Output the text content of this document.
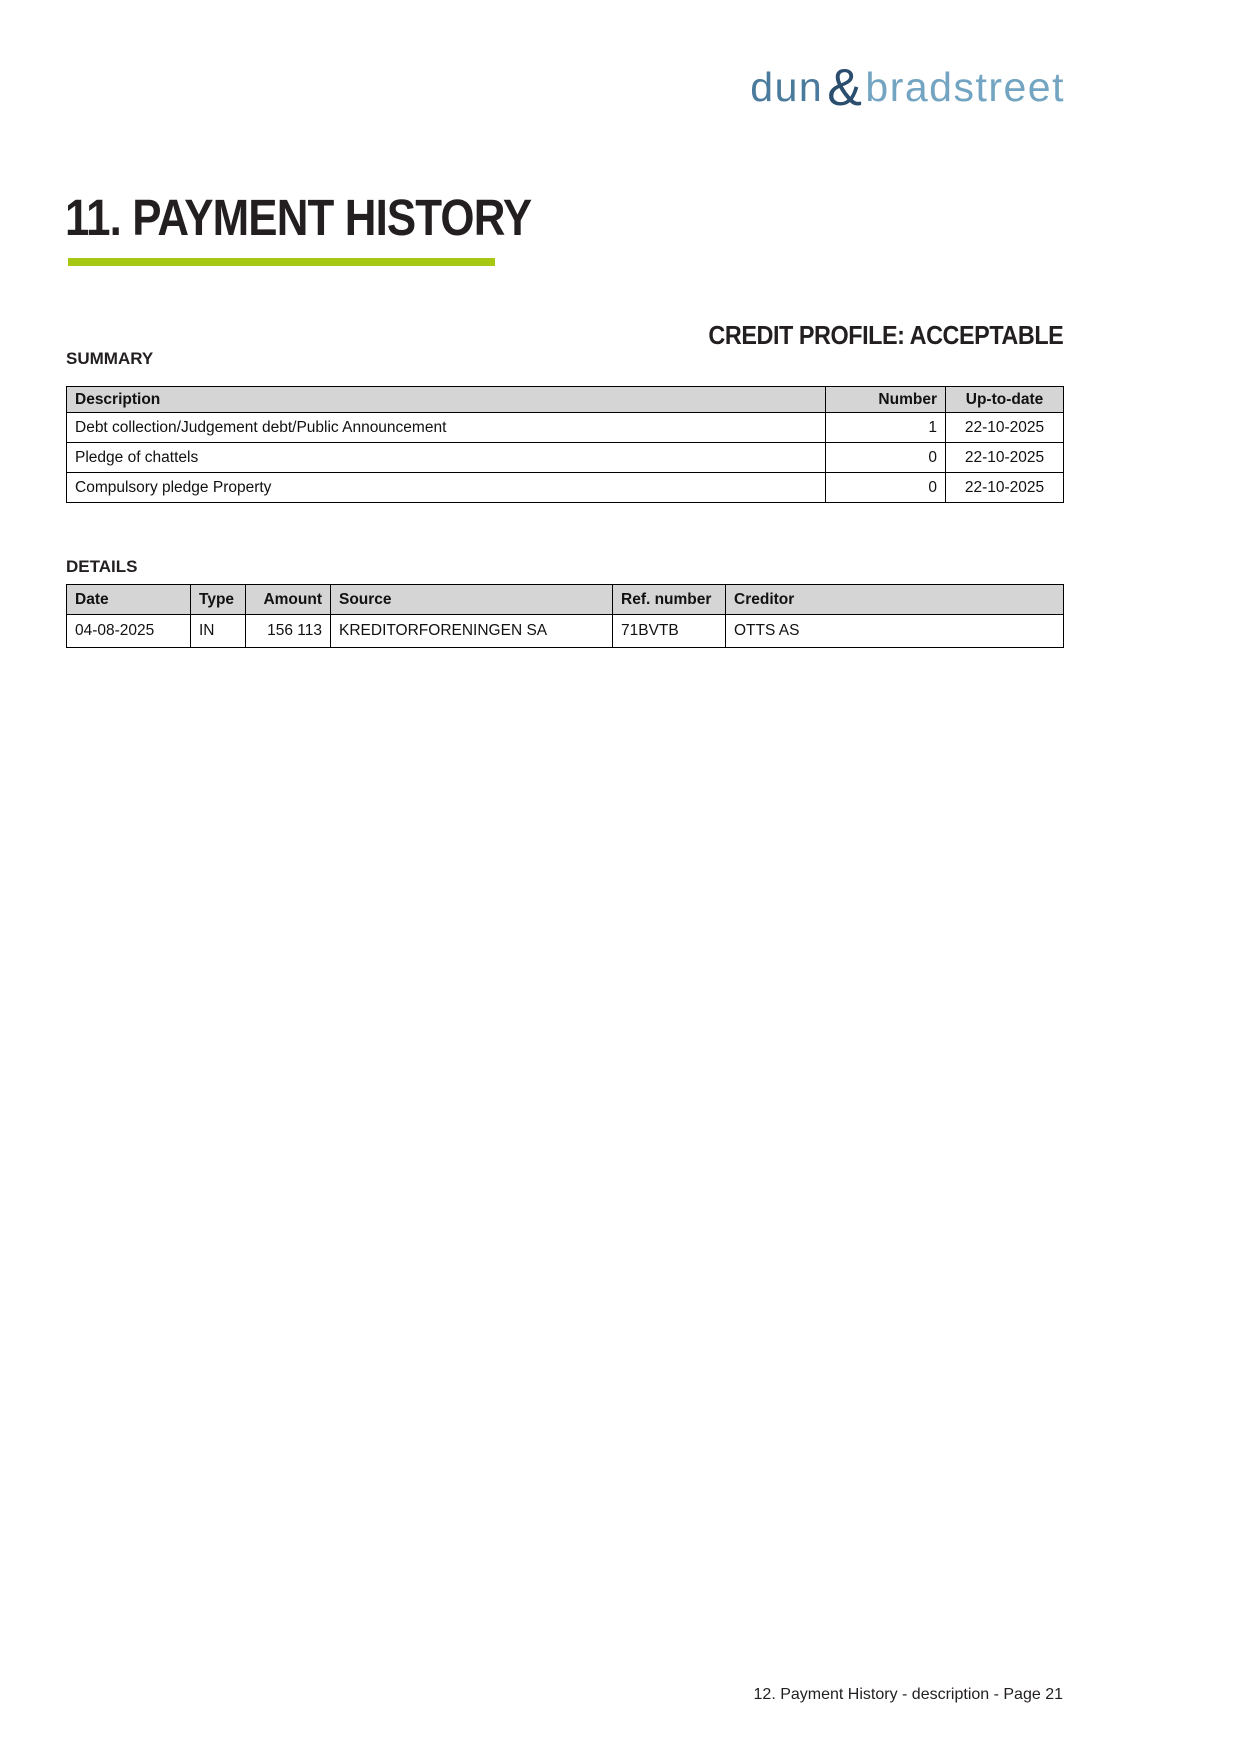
dun&bradstreet
11. PAYMENT HISTORY
CREDIT PROFILE: ACCEPTABLE
SUMMARY
Description	Number	Up-to-date
Debt collection/Judgement debt/Public Announcement	1	22-10-2025
Pledge of chattels	0	22-10-2025
Compulsory pledge Property	0	22-10-2025
DETAILS
Date	Type	Amount	Source	Ref. number	Creditor
04-08-2025	IN	156 113	KREDITORFORENINGEN SA	71BVTB	OTTS AS
12. Payment History - description - Page 21
